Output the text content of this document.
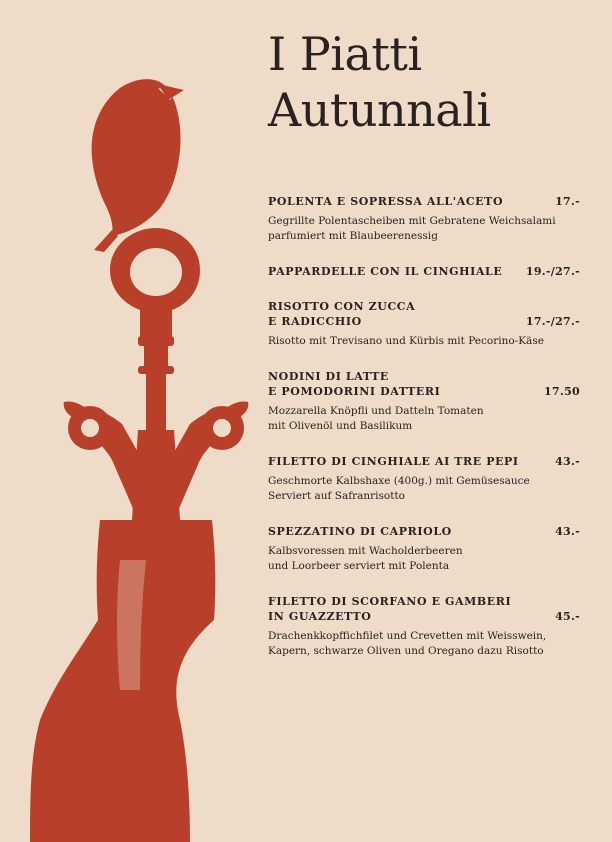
I Piatti
Autunnali
POLENTA E SOPRESSA ALL'ACETO	17.-
Gegrillte Polentascheiben mit Gebratene Weichsalami
parfumiert mit Blaubeerenessig
PAPPARDELLE CON IL CINGHIALE 19.-/27.-
RISOTTO CON ZUCCA
E RADICCHIO	17.-/27.-
Risotto mit Trevisano und Kürbis mit Pecorino-Käse
NODINI DI LATTE
E POMODORINI DATTERI	17.50
Mozzarella Knöpfli und Datteln Tomaten
mit Olivenöl und Basilikum
FILETTO DI CINGHIALE AI TRE PEPI	43.-
Geschmorte Kalbshaxe (400g.) mit Gemüsesauce
Serviert auf Safranrisotto
SPEZZATINO DI CAPRIOLO	43.-
Kalbsvoressen mit Wacholderbeeren
und Loorbeer serviert mit Polenta
FILETTO DI SCORFANO E GAMBERI
IN GUAZZETTO	45.-
Drachenkkopffichfilet und Crevetten mit Weisswein,
Kapern, schwarze Oliven und Oregano dazu Risotto
